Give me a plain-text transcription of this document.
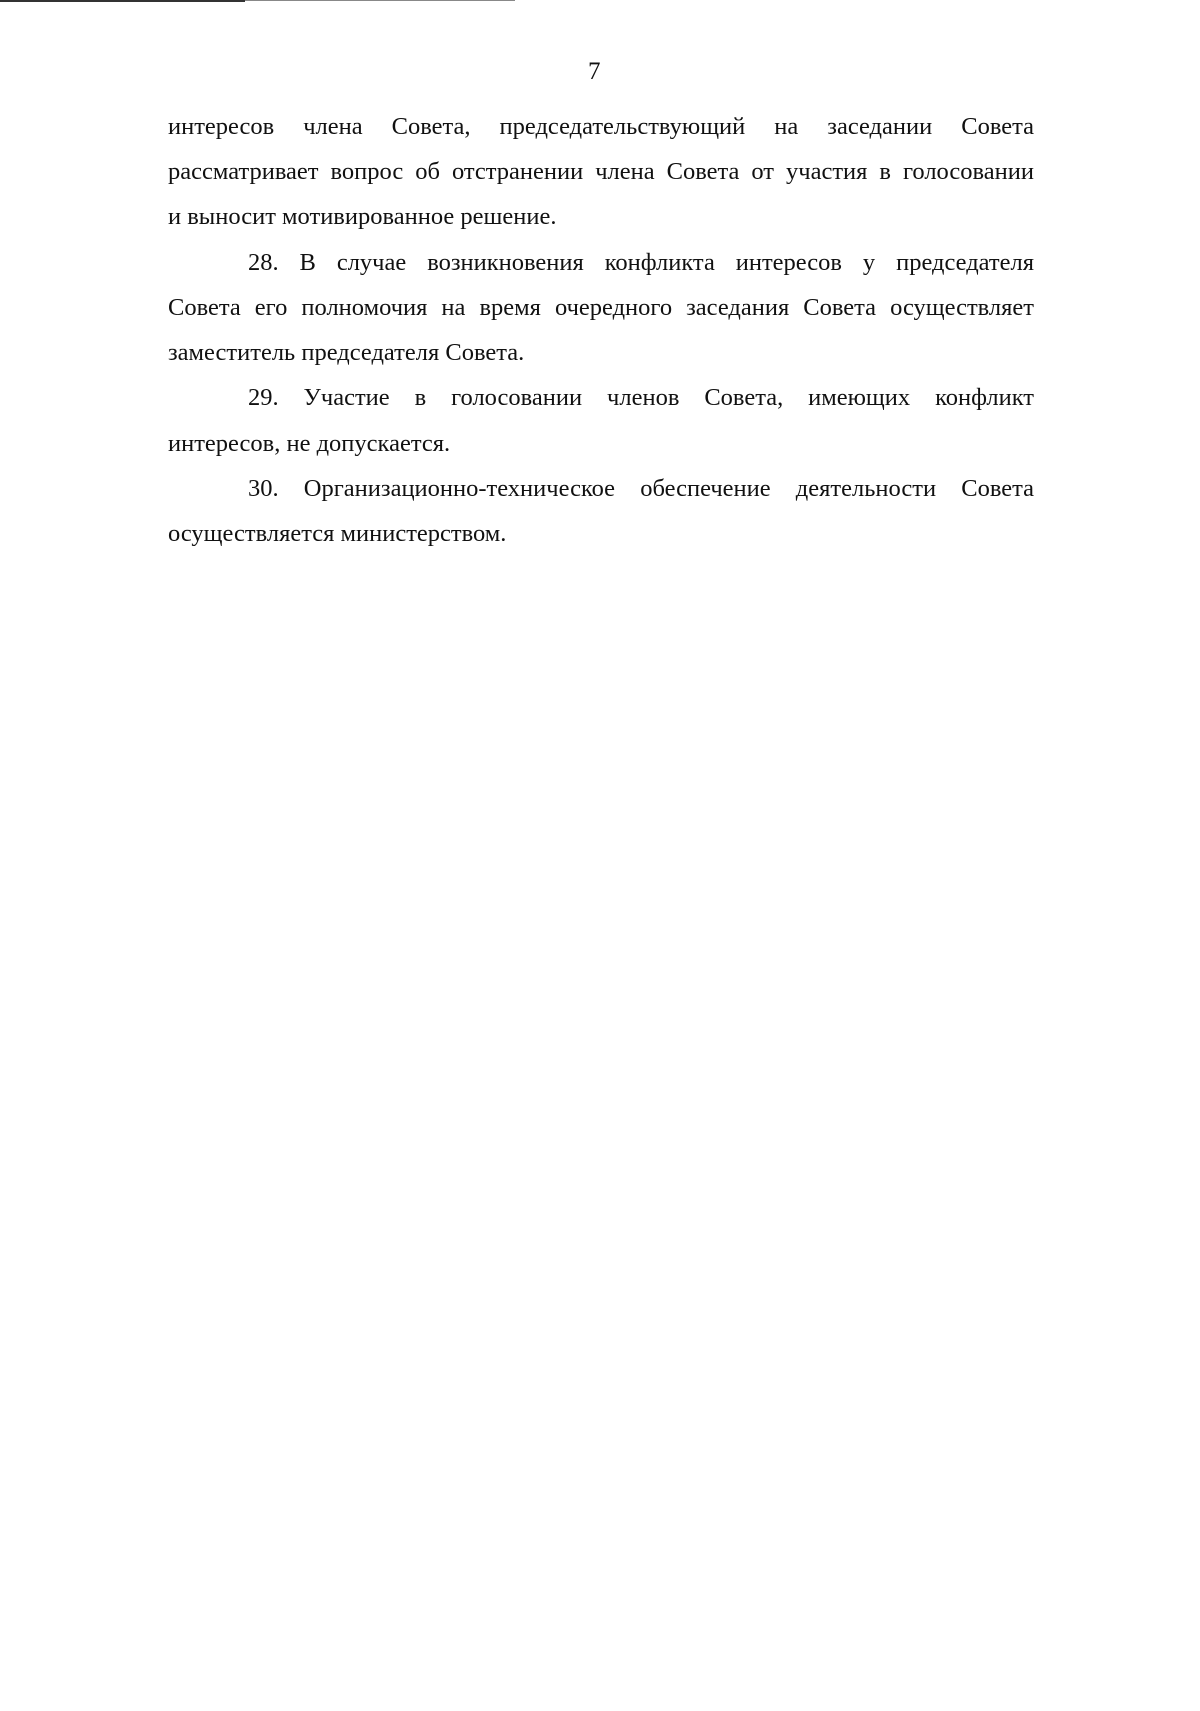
7
интересов члена Совета, председательствующий на заседании Совета
рассматривает вопрос об отстранении члена Совета от участия в голосовании
и выносит мотивированное решение.
28. В случае возникновения конфликта интересов у председателя
Совета его полномочия на время очередного заседания Совета осуществляет
заместитель председателя Совета.
29. Участие в голосовании членов Совета, имеющих конфликт
интересов, не допускается.
30. Организационно-техническое обеспечение деятельности Совета
осуществляется министерством.
